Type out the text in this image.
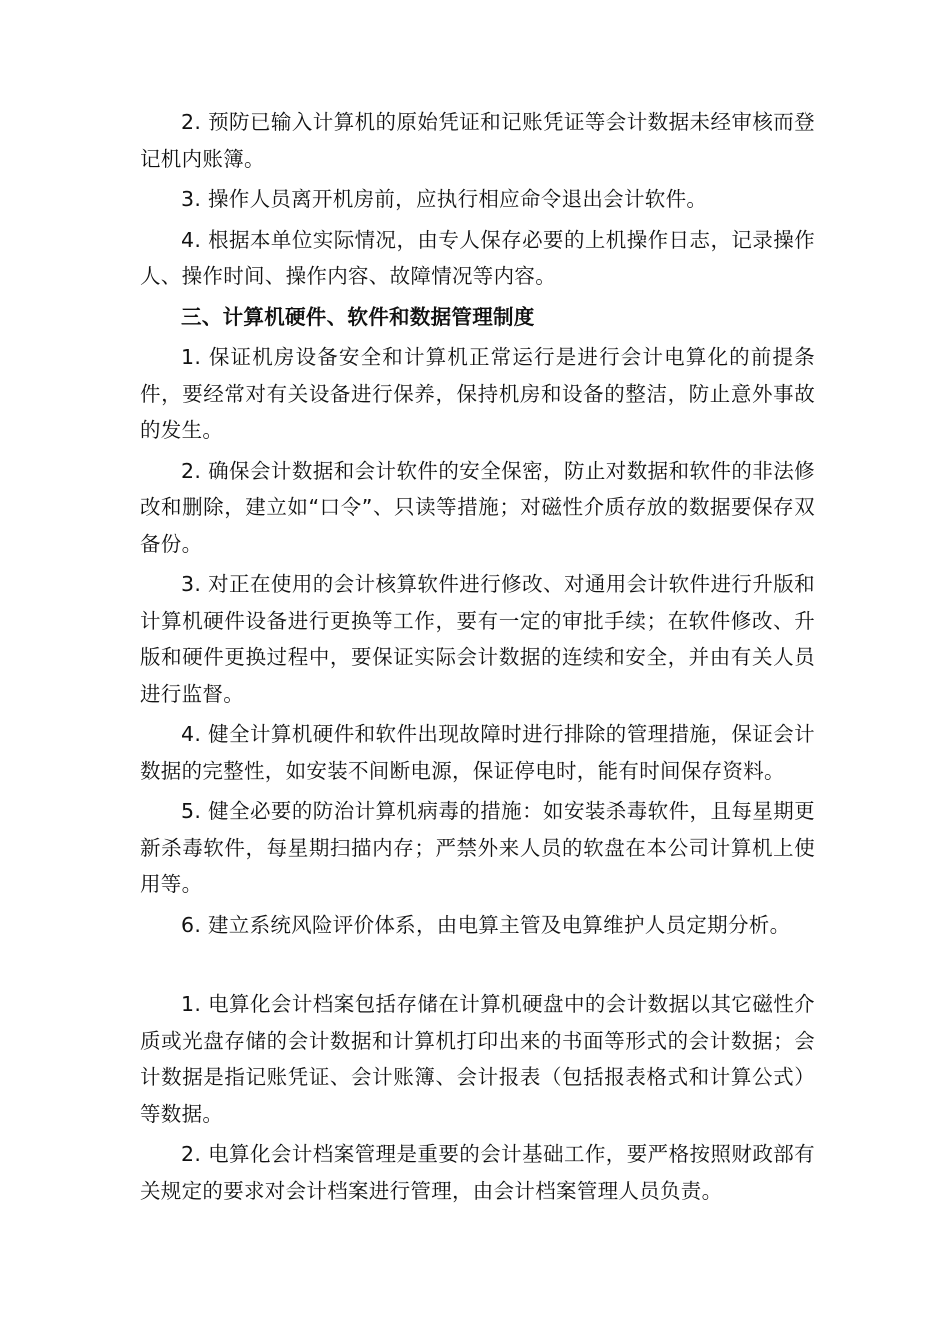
2. 预防已输入计算机的原始凭证和记账凭证等会计数据未经审核而登记机内账簿。

3. 操作人员离开机房前，应执行相应命令退出会计软件。

4. 根据本单位实际情况，由专人保存必要的上机操作日志，记录操作人、操作时间、操作内容、故障情况等内容。

三、计算机硬件、软件和数据管理制度

1. 保证机房设备安全和计算机正常运行是进行会计电算化的前提条件，要经常对有关设备进行保养，保持机房和设备的整洁，防止意外事故的发生。

2. 确保会计数据和会计软件的安全保密，防止对数据和软件的非法修改和删除，建立如“口令”、只读等措施；对磁性介质存放的数据要保存双备份。

3. 对正在使用的会计核算软件进行修改、对通用会计软件进行升版和计算机硬件设备进行更换等工作，要有一定的审批手续；在软件修改、升版和硬件更换过程中，要保证实际会计数据的连续和安全，并由有关人员进行监督。

4. 健全计算机硬件和软件出现故障时进行排除的管理措施，保证会计数据的完整性，如安装不间断电源，保证停电时，能有时间保存资料。

5. 健全必要的防治计算机病毒的措施：如安装杀毒软件，且每星期更新杀毒软件，每星期扫描内存；严禁外来人员的软盘在本公司计算机上使用等。

6. 建立系统风险评价体系，由电算主管及电算维护人员定期分析。

1. 电算化会计档案包括存储在计算机硬盘中的会计数据以其它磁性介质或光盘存储的会计数据和计算机打印出来的书面等形式的会计数据；会计数据是指记账凭证、会计账簿、会计报表（包括报表格式和计算公式）等数据。

2. 电算化会计档案管理是重要的会计基础工作，要严格按照财政部有关规定的要求对会计档案进行管理，由会计档案管理人员负责。
